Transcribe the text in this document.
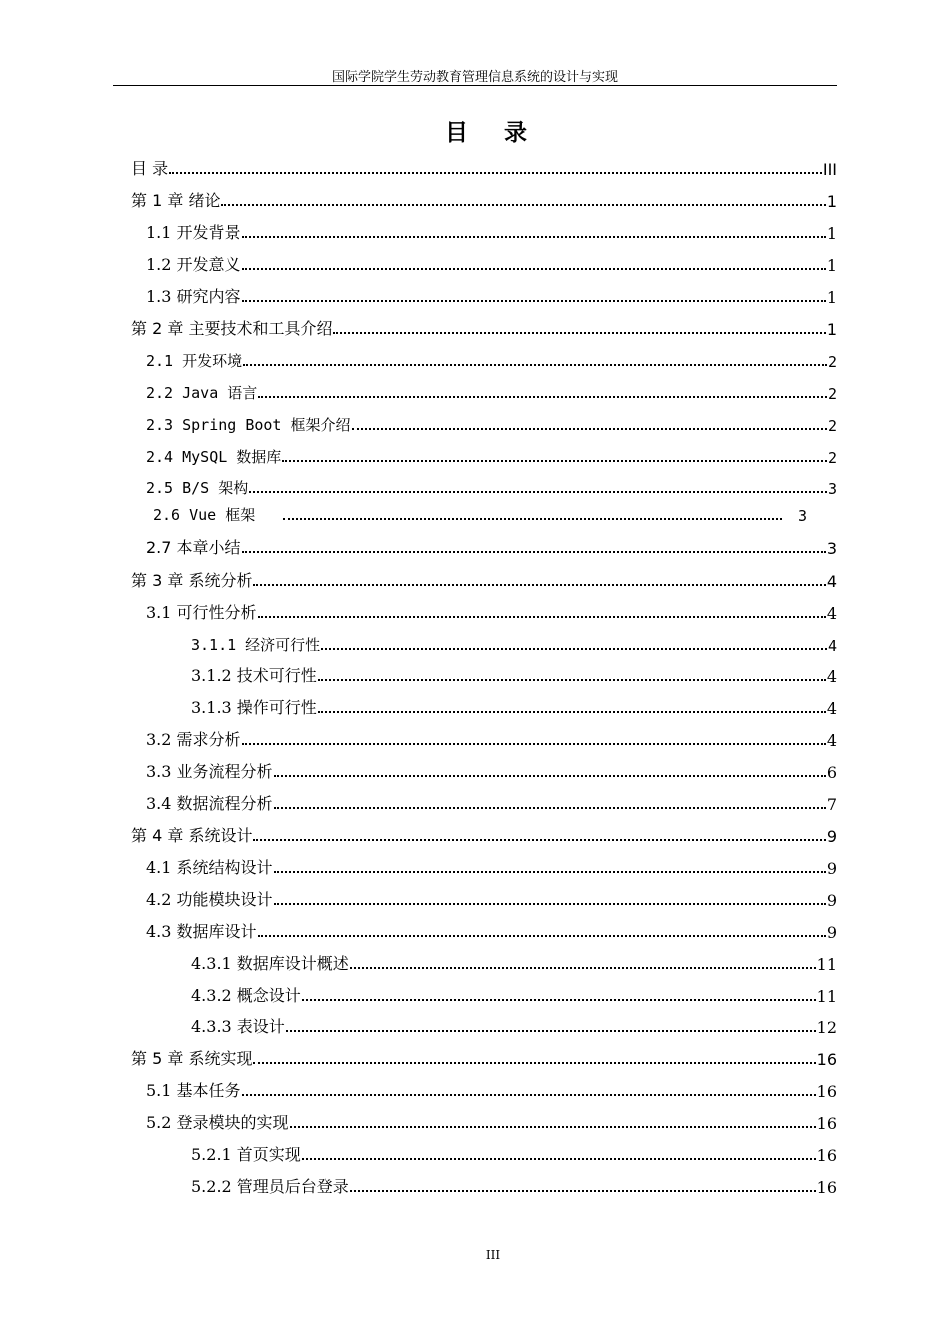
国际学院学生劳动教育管理信息系统的设计与实现
目 录
目 录	III
第 1 章 绪论	1
1.1 开发背景	1
1.2 开发意义	1
1.3 研究内容	1
第 2 章 主要技术和工具介绍	1
2.1 开发环境	2
2.2 Java 语言	2
2.3 Spring Boot 框架介绍	2
2.4 MySQL 数据库	2
2.5 B/S 架构	3
2.6 Vue 框架	3
2.7 本章小结	3
第 3 章 系统分析	4
3.1 可行性分析	4
3.1.1 经济可行性	4
3.1.2 技术可行性	4
3.1.3 操作可行性	4
3.2 需求分析	4
3.3 业务流程分析	6
3.4 数据流程分析	7
第 4 章 系统设计	9
4.1 系统结构设计	9
4.2 功能模块设计	9
4.3 数据库设计	9
4.3.1 数据库设计概述	11
4.3.2 概念设计	11
4.3.3 表设计	12
第 5 章 系统实现	16
5.1 基本任务	16
5.2 登录模块的实现	16
5.2.1 首页实现	16
5.2.2 管理员后台登录	16
III
